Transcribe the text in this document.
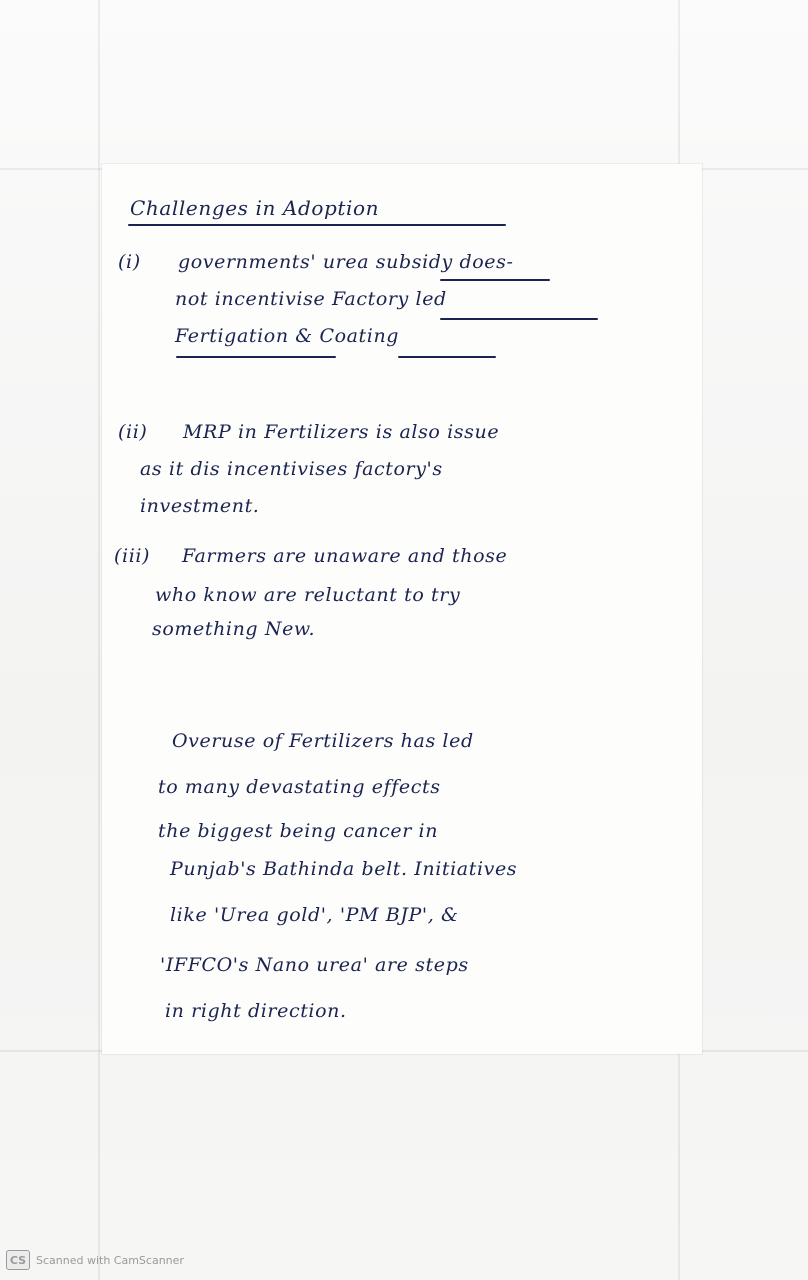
Challenges in Adoption
(i) governments' urea subsidy does-
not incentivise Factory led
Fertigation & Coating
(ii) MRP in Fertilizers is also issue
as it dis incentivises factory's
investment.
(iii) Farmers are unaware and those
who know are reluctant to try
something New.
Overuse of Fertilizers has led
to many devastating effects
the biggest being cancer in
Punjab's Bathinda belt. Initiatives
like 'Urea gold', 'PM BJP', &
'IFFCO's Nano urea' are steps
in right direction.
CS Scanned with CamScanner
